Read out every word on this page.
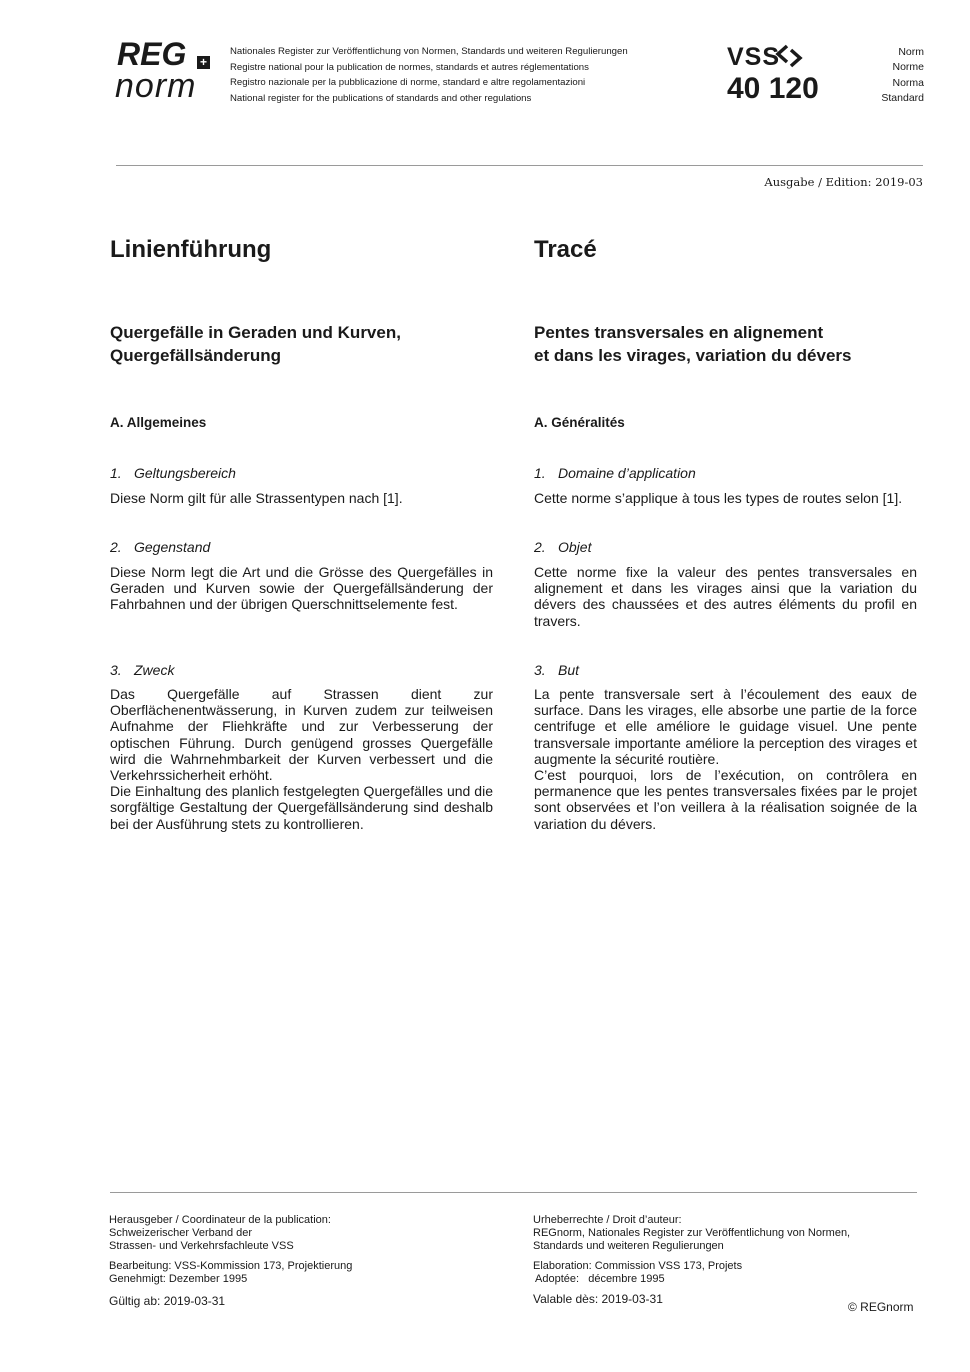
REG +
norm
Nationales Register zur Veröffentlichung von Normen, Standards und weiteren Regulierungen
Registre national pour la publication de normes, standards et autres réglementations
Registro nazionale per la pubblicazione di norme, standard e altre regolamentazioni
National register for the publications of standards and other regulations
VSS
40 120
Norm
Norme
Norma
Standard
Ausgabe / Edition: 2019-03
Linienführung
Quergefälle in Geraden und Kurven,
Quergefällsänderung
A. Allgemeines
1. Geltungsbereich
Diese Norm gilt für alle Strassentypen nach [1].
2. Gegenstand
Diese Norm legt die Art und die Grösse des Quergefälles in Geraden und Kurven sowie der Quergefällsänderung der Fahrbahnen und der übrigen Querschnittselemente fest.
3. Zweck
Das Quergefälle auf Strassen dient zur Oberflächenentwässerung, in Kurven zudem zur teilweisen Aufnahme der Fliehkräfte und zur Verbesserung der optischen Führung. Durch genügend grosses Quergefälle wird die Wahrnehmbarkeit der Kurven verbessert und die Verkehrssicherheit erhöht.
Die Einhaltung des planlich festgelegten Quergefälles und die sorgfältige Gestaltung der Quergefällsänderung sind deshalb bei der Ausführung stets zu kontrollieren.
Tracé
Pentes transversales en alignement
et dans les virages, variation du dévers
A. Généralités
1. Domaine d’application
Cette norme s’applique à tous les types de routes selon [1].
2. Objet
Cette norme fixe la valeur des pentes transversales en alignement et dans les virages ainsi que la variation du dévers des chaussées et des autres éléments du profil en travers.
3. But
La pente transversale sert à l’écoulement des eaux de surface. Dans les virages, elle absorbe une partie de la force centrifuge et elle améliore le guidage visuel. Une pente transversale importante améliore la perception des virages et augmente la sécurité routière.
C’est pourquoi, lors de l’exécution, on contrôlera en permanence que les pentes transversales fixées par le projet sont observées et l’on veillera à la réalisation soignée de la variation du dévers.
Herausgeber / Coordinateur de la publication:
Schweizerischer Verband der
Strassen- und Verkehrsfachleute VSS
Bearbeitung: VSS-Kommission 173, Projektierung
Genehmigt: Dezember 1995
Gültig ab: 2019-03-31
Urheberrechte / Droit d’auteur:
REGnorm, Nationales Register zur Veröffentlichung von Normen,
Standards und weiteren Regulierungen
Elaboration: Commission VSS 173, Projets
Adoptée:   décembre 1995
Valable dès: 2019-03-31
© REGnorm
